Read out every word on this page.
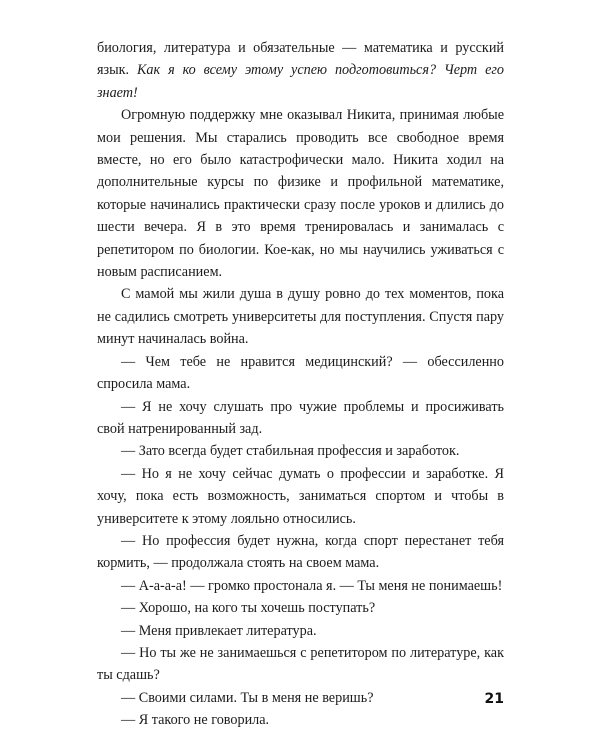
биология, литература и обязательные — математика и русский язык. Как я ко всему этому успею подготовиться? Черт его знает!

Огромную поддержку мне оказывал Никита, принимая любые мои решения. Мы старались проводить все свободное время вместе, но его было катастрофически мало. Никита ходил на дополнительные курсы по физике и профильной математике, которые начинались практически сразу после уроков и длились до шести вечера. Я в это время тренировалась и занималась с репетитором по биологии. Кое-как, но мы научились уживаться с новым расписанием.

С мамой мы жили душа в душу ровно до тех моментов, пока не садились смотреть университеты для поступления. Спустя пару минут начиналась война.

— Чем тебе не нравится медицинский? — обессиленно спросила мама.

— Я не хочу слушать про чужие проблемы и просиживать свой натренированный зад.

— Зато всегда будет стабильная профессия и заработок.

— Но я не хочу сейчас думать о профессии и заработке. Я хочу, пока есть возможность, заниматься спортом и чтобы в университете к этому лояльно относились.

— Но профессия будет нужна, когда спорт перестанет тебя кормить, — продолжала стоять на своем мама.

— А-а-а-а! — громко простонала я. — Ты меня не понимаешь!

— Хорошо, на кого ты хочешь поступать?

— Меня привлекает литература.

— Но ты же не занимаешься с репетитором по литературе, как ты сдашь?

— Своими силами. Ты в меня не веришь?

— Я такого не говорила.

21
